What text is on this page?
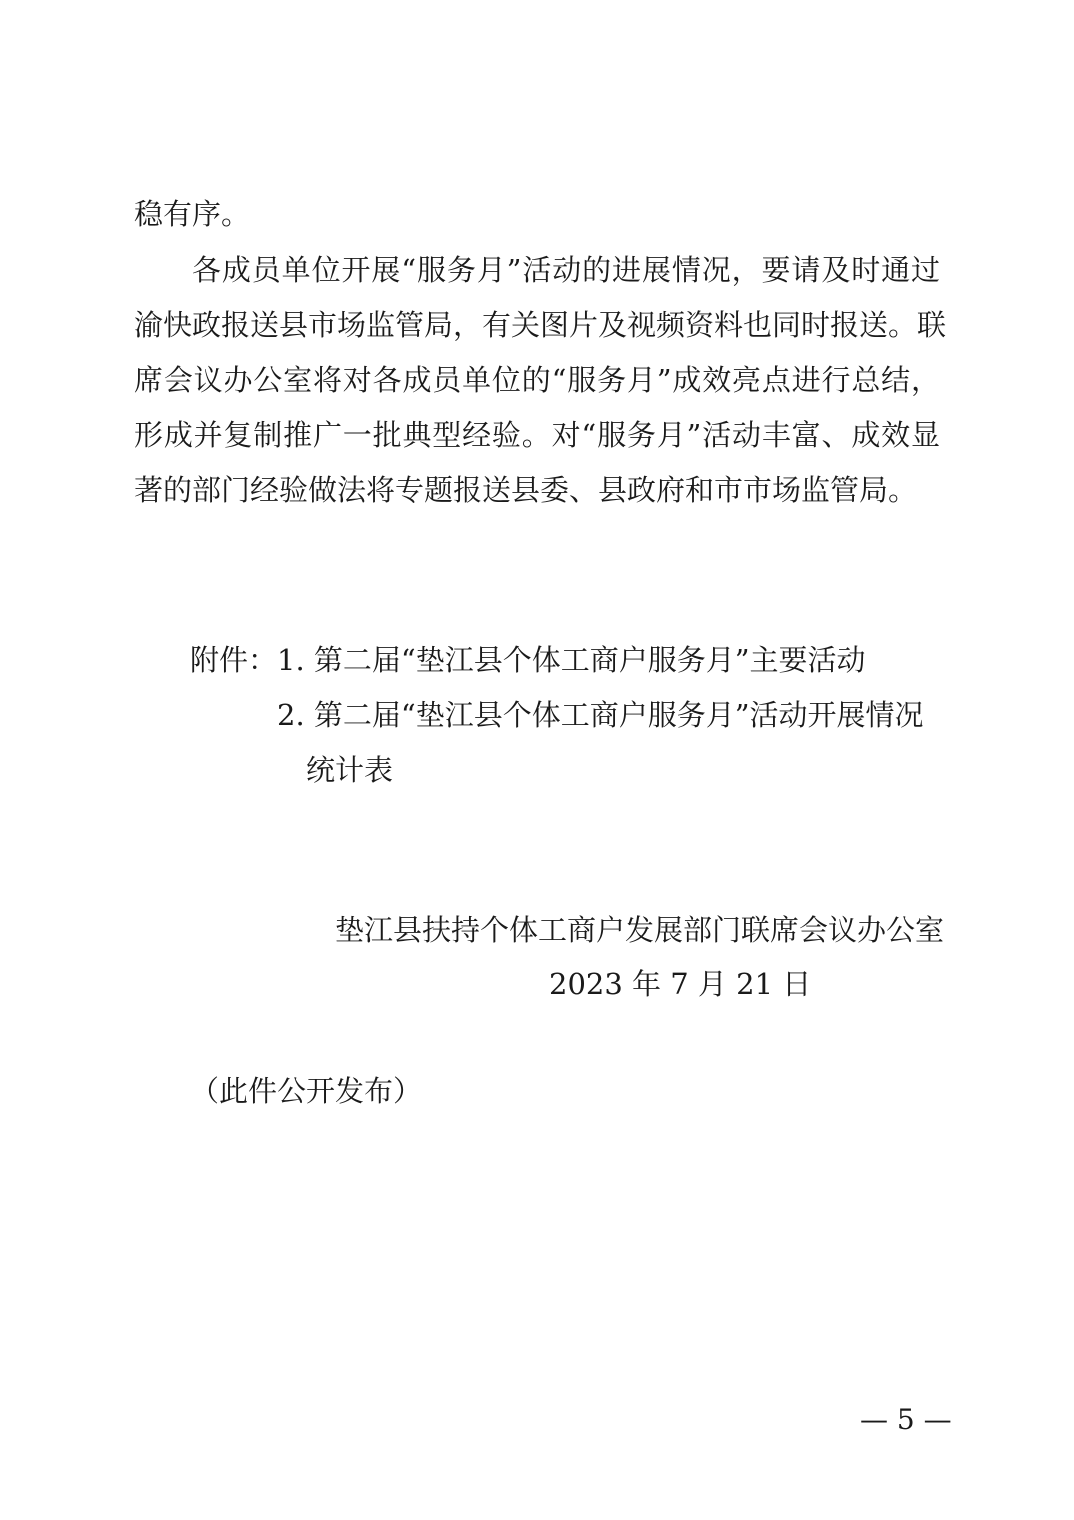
稳有序。
各成员单位开展“服务月”活动的进展情况，要请及时通过
渝快政报送县市场监管局，有关图片及视频资料也同时报送。联
席会议办公室将对各成员单位的“服务月”成效亮点进行总结，
形成并复制推广一批典型经验。对“服务月”活动丰富、成效显
著的部门经验做法将专题报送县委、县政府和市市场监管局。
附件： 1. 第二届“垫江县个体工商户服务月”主要活动
2. 第二届“垫江县个体工商户服务月”活动开展情况
统计表
垫江县扶持个体工商户发展部门联席会议办公室
2023 年 7 月 21 日
（此件公开发布）
— 5 —
